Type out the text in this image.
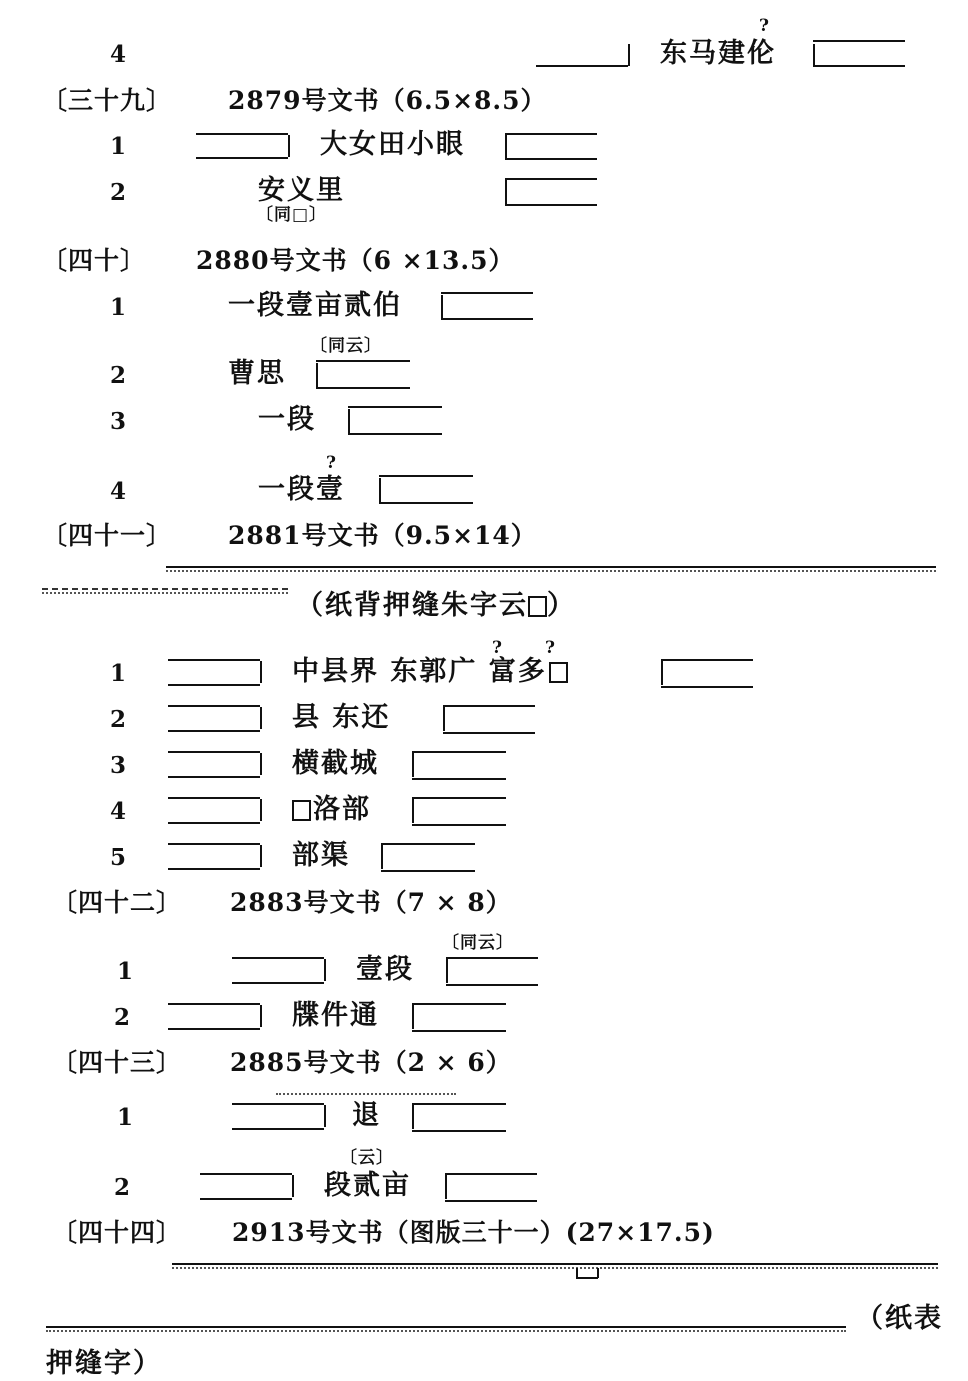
4
?
东马建伦
〔三十九〕 2879号文书（6.5×8.5）
1	大女田小眼
2	安义里
〔同□〕
〔四十〕 2880号文书（6 ×13.5）
1	一段壹亩贰伯
〔同云〕
2	曹思
3	一段
?
4	一段壹
〔四十一〕 2881号文书（9.5×14）
（纸背押缝朱字云 ）
?	?
1	中县界 东郭广 富多
2	县 东还
3	横截城
4	洛部
5	部渠
〔四十二〕 2883号文书（7 × 8）
〔同云〕
1	壹段
2	牒件通
〔四十三〕 2885号文书（2 × 6）
1	退
〔云〕
2	段贰亩
〔四十四〕 2913号文书（图版三十一）(27×17.5)
（纸表
押缝字）
